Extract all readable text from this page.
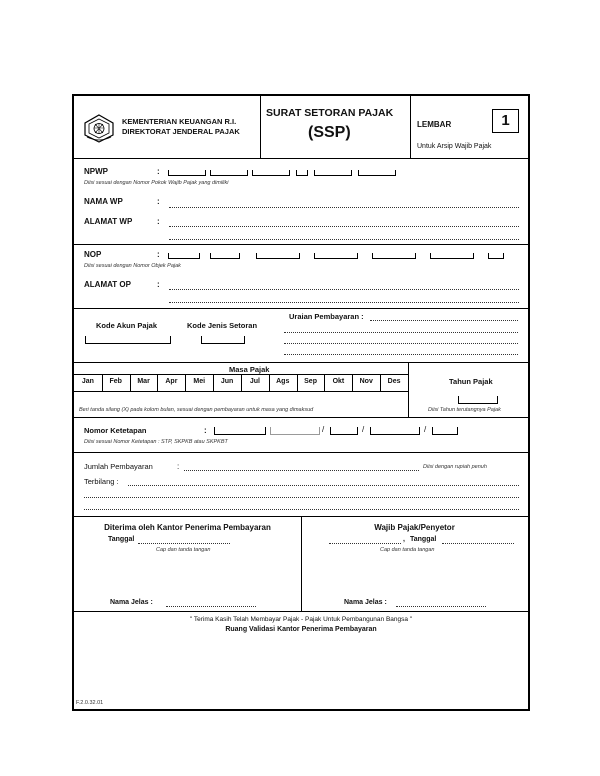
KEMENTERIAN KEUANGAN R.I.
DIREKTORAT JENDERAL PAJAK
SURAT SETORAN PAJAK
(SSP)	LEMBAR	1
Untuk Arsip Wajib Pajak
NPWP	:
Diisi sesuai dengan Nomor Pokok Wajib Pajak yang dimiliki
NAMA WP	:
ALAMAT WP	:
NOP	:
Diisi sesuai dengan Nomor Objek Pajak
ALAMAT OP	:
Kode Akun Pajak	Kode Jenis Setoran
Uraian Pembayaran :
Masa Pajak
Jan	Feb	Mar	Apr	Mei	Jun	Jul	Ags	Sep	Okt	Nov	Des
Beri tanda silang (X) pada kolom bulan, sesuai dengan pembayaran untuk masa yang dimaksud
Tahun Pajak
Diisi Tahun terutangnya Pajak
Nomor Ketetapan	:	/	/	/
Diisi sesuai Nomor Ketetapan : STP, SKPKB atau SKPKBT
Jumlah Pembayaran	:	Diisi dengan rupiah penuh
Terbilang :
Diterima oleh Kantor Penerima Pembayaran
Tanggal
Cap dan tanda tangan
Nama Jelas :
Wajib Pajak/Penyetor
, Tanggal
Cap dan tanda tangan
Nama Jelas :
" Terima Kasih Telah Membayar Pajak - Pajak Untuk Pembangunan Bangsa "
Ruang Validasi Kantor Penerima Pembayaran
F.2.0.32.01
